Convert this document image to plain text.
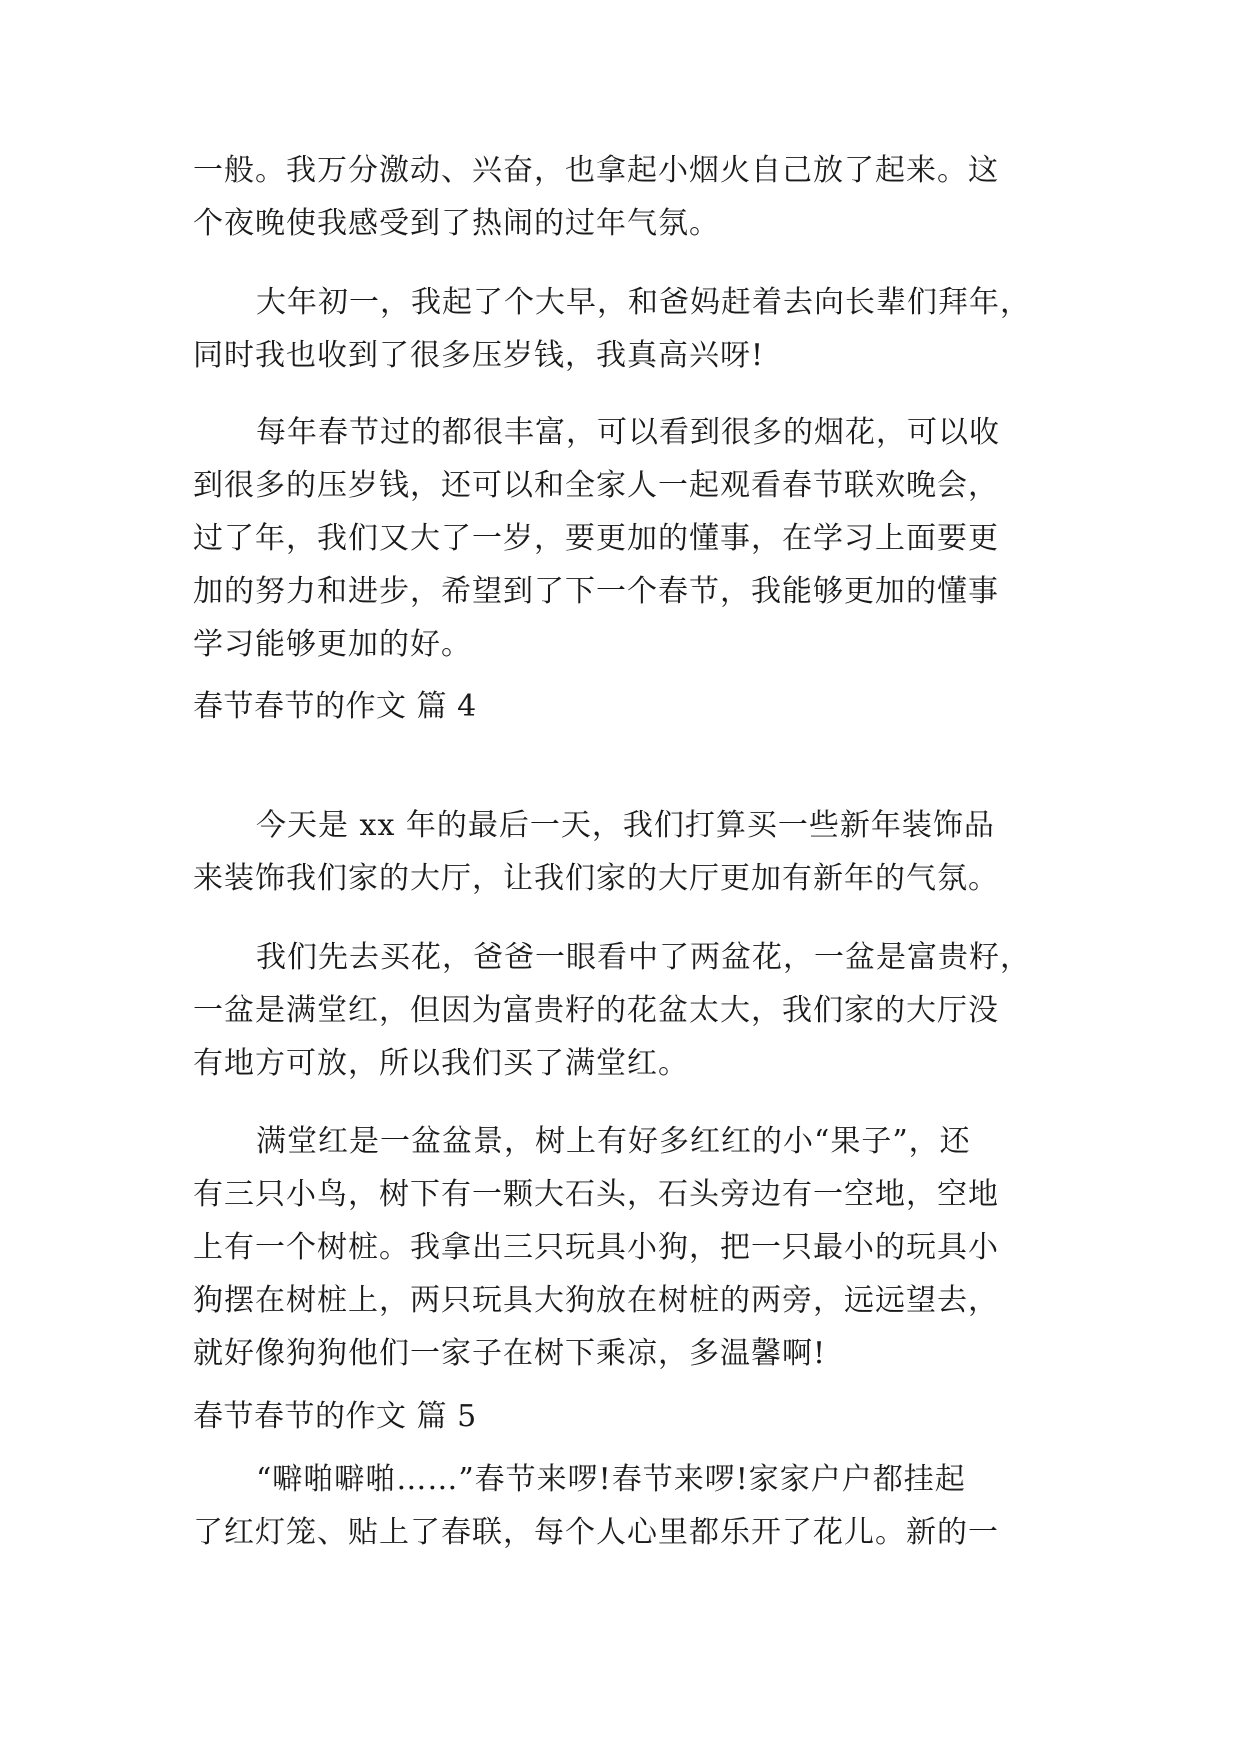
一般。我万分激动、兴奋，也拿起小烟火自己放了起来。这
个夜晚使我感受到了热闹的过年气氛。
大年初一，我起了个大早，和爸妈赶着去向长辈们拜年，
同时我也收到了很多压岁钱，我真高兴呀!
每年春节过的都很丰富，可以看到很多的烟花，可以收
到很多的压岁钱，还可以和全家人一起观看春节联欢晚会，
过了年，我们又大了一岁，要更加的懂事，在学习上面要更
加的努力和进步，希望到了下一个春节，我能够更加的懂事
学习能够更加的好。
春节春节的作文 篇 4
今天是 xx 年的最后一天，我们打算买一些新年装饰品
来装饰我们家的大厅，让我们家的大厅更加有新年的气氛。
我们先去买花，爸爸一眼看中了两盆花，一盆是富贵籽，
一盆是满堂红，但因为富贵籽的花盆太大，我们家的大厅没
有地方可放，所以我们买了满堂红。
满堂红是一盆盆景，树上有好多红红的小“果子”，还
有三只小鸟，树下有一颗大石头，石头旁边有一空地，空地
上有一个树桩。我拿出三只玩具小狗，把一只最小的玩具小
狗摆在树桩上，两只玩具大狗放在树桩的两旁，远远望去，
就好像狗狗他们一家子在树下乘凉，多温馨啊!
春节春节的作文 篇 5
“噼啪噼啪……”春节来啰!春节来啰!家家户户都挂起
了红灯笼、贴上了春联，每个人心里都乐开了花儿。新的一
